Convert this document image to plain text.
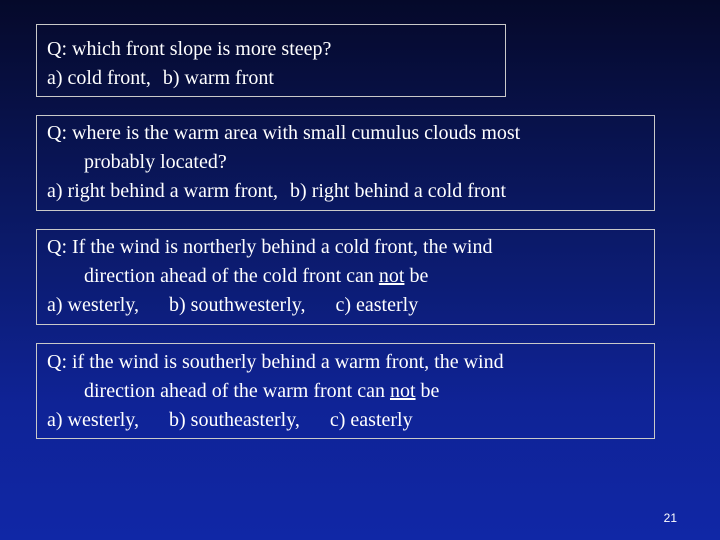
Q: which front slope is more steep?
a) cold front, b) warm front
Q: where is the warm area with small cumulus clouds most
probably located?
a) right behind a warm front, b) right behind a cold front
Q: If the wind is northerly behind a cold front, the wind
direction ahead of the cold front can not be
a) westerly, b) southwesterly, c) easterly
Q: if the wind is southerly behind a warm front, the wind
direction ahead of the warm front can not be
a) westerly, b) southeasterly, c) easterly
21
